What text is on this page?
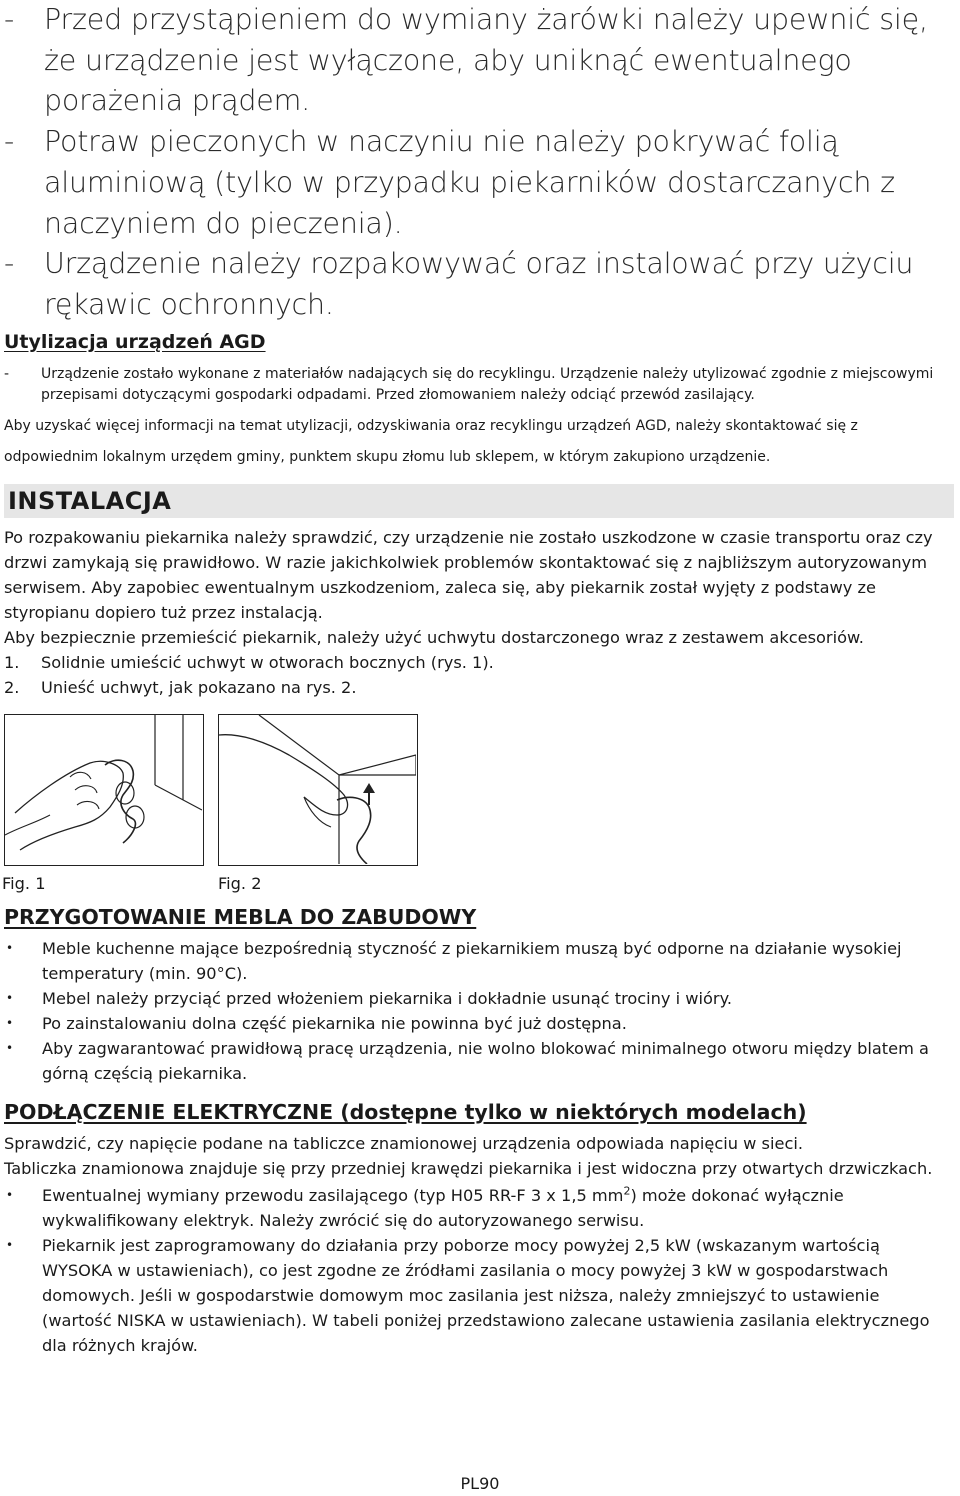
- Przed przystąpieniem do wymiany żarówki należy upewnić się, że urządzenie jest wyłączone, aby uniknąć ewentualnego porażenia prądem.
- Potraw pieczonych w naczyniu nie należy pokrywać folią aluminiową (tylko w przypadku piekarników dostarczanych z naczyniem do pieczenia).
- Urządzenie należy rozpakowywać oraz instalować przy użyciu rękawic ochronnych.
Utylizacja urządzeń AGD
- Urządzenie zostało wykonane z materiałów nadających się do recyklingu. Urządzenie należy utylizować zgodnie z miejscowymi przepisami dotyczącymi gospodarki odpadami. Przed złomowaniem należy odciąć przewód zasilający.

Aby uzyskać więcej informacji na temat utylizacji, odzyskiwania oraz recyklingu urządzeń AGD, należy skontaktować się z odpowiednim lokalnym urzędem gminy, punktem skupu złomu lub sklepem, w którym zakupiono urządzenie.

INSTALACJA

Po rozpakowaniu piekarnika należy sprawdzić, czy urządzenie nie zostało uszkodzone w czasie transportu oraz czy drzwi zamykają się prawidłowo. W razie jakichkolwiek problemów skontaktować się z najbliższym autoryzowanym serwisem. Aby zapobiec ewentualnym uszkodzeniom, zaleca się, aby piekarnik został wyjęty z podstawy ze styropianu dopiero tuż przez instalacją.

Aby bezpiecznie przemieścić piekarnik, należy użyć uchwytu dostarczonego wraz z zestawem akcesoriów.

1. Solidnie umieścić uchwyt w otworach bocznych (rys. 1).
2. Unieść uchwyt, jak pokazano na rys. 2.
Fig. 1	Fig. 2
PRZYGOTOWANIE MEBLA DO ZABUDOWY
• Meble kuchenne mające bezpośrednią styczność z piekarnikiem muszą być odporne na działanie wysokiej temperatury (min. 90°C).
• Mebel należy przyciąć przed włożeniem piekarnika i dokładnie usunąć trociny i wióry.
• Po zainstalowaniu dolna część piekarnika nie powinna być już dostępna.
• Aby zagwarantować prawidłową pracę urządzenia, nie wolno blokować minimalnego otworu między blatem a górną częścią piekarnika.
PODŁĄCZENIE ELEKTRYCZNE (dostępne tylko w niektórych modelach)

Sprawdzić, czy napięcie podane na tabliczce znamionowej urządzenia odpowiada napięciu w sieci.

Tabliczka znamionowa znajduje się przy przedniej krawędzi piekarnika i jest widoczna przy otwartych drzwiczkach.

• Ewentualnej wymiany przewodu zasilającego (typ H05 RR-F 3 x 1,5 $mm^2$) może dokonać wyłącznie wykwalifikowany elektryk. Należy zwrócić się do autoryzowanego serwisu.
• Piekarnik jest zaprogramowany do działania przy poborze mocy powyżej 2,5 kW (wskazanym wartością WYSOKA w ustawieniach), co jest zgodne ze źródłami zasilania o mocy powyżej 3 kW w gospodarstwach domowych. Jeśli w gospodarstwie domowym moc zasilania jest niższa, należy zmniejszyć to ustawienie (wartość NISKA w ustawieniach). W tabeli poniżej przedstawiono zalecane ustawienia zasilania elektrycznego dla różnych krajów.
PL90
